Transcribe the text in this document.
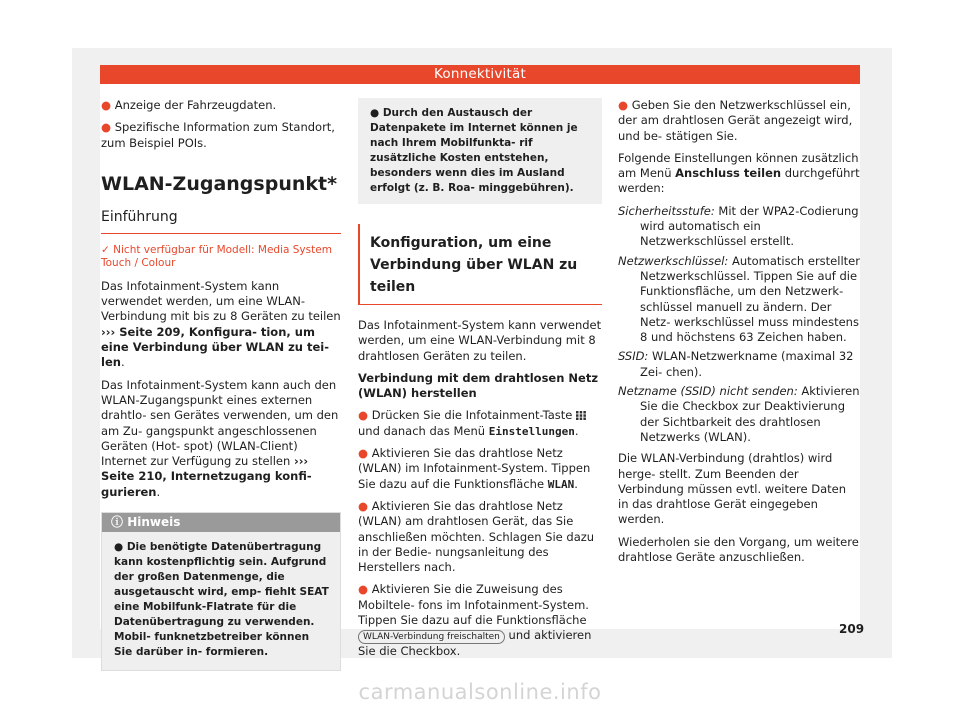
Konnektivität

● Anzeige der Fahrzeugdaten.

● Spezifische Information zum Standort, zum Beispiel POIs.

WLAN-Zugangspunkt*
Einführung
✓ Nicht verfügbar für Modell: Media System Touch / Colour

Das Infotainment-System kann verwendet werden, um eine WLAN-Verbindung mit bis zu 8 Geräten zu teilen ››› Seite 209, Konfigura- tion, um eine Verbindung über WLAN zu tei- len.

Das Infotainment-System kann auch den WLAN-Zugangspunkt eines externen drahtlo- sen Gerätes verwenden, um den am Zu- gangspunkt angeschlossenen Geräten (Hot- spot) (WLAN-Client) Internet zur Verfügung zu stellen ››› Seite 210, Internetzugang konfi- gurieren.

ⓘ Hinweis
● Die benötigte Datenübertragung kann kostenpflichtig sein. Aufgrund der großen Datenmenge, die ausgetauscht wird, emp- fiehlt SEAT eine Mobilfunk-Flatrate für die Datenübertragung zu verwenden. Mobil- funknetzbetreiber können Sie darüber in- formieren.
● Durch den Austausch der Datenpakete im Internet können je nach Ihrem Mobilfunkta- rif zusätzliche Kosten entstehen, besonders wenn dies im Ausland erfolgt (z. B. Roa- minggebühren).
Konfiguration, um eine Verbindung über WLAN zu teilen

Das Infotainment-System kann verwendet werden, um eine WLAN-Verbindung mit 8 drahtlosen Geräten zu teilen.

Verbindung mit dem drahtlosen Netz (WLAN) herstellen

● Drücken Sie die Infotainment-Taste  und danach das Menü Einstellungen.

● Aktivieren Sie das drahtlose Netz (WLAN) im Infotainment-System. Tippen Sie dazu auf die Funktionsfläche WLAN.

● Aktivieren Sie das drahtlose Netz (WLAN) am drahtlosen Gerät, das Sie anschließen möchten. Schlagen Sie dazu in der Bedie- nungsanleitung des Herstellers nach.

● Aktivieren Sie die Zuweisung des Mobiltele- fons im Infotainment-System. Tippen Sie dazu auf die Funktionsfläche WLAN-Verbindung freischalten und aktivieren Sie die Checkbox.

● Geben Sie den Netzwerkschlüssel ein, der am drahtlosen Gerät angezeigt wird, und be- stätigen Sie.

Folgende Einstellungen können zusätzlich am Menü Anschluss teilen durchgeführt werden:

Sicherheitsstufe: Mit der WPA2-Codierung wird automatisch ein Netzwerkschlüssel erstellt.
Netzwerkschlüssel: Automatisch erstellter Netzwerkschlüssel. Tippen Sie auf die Funktionsfläche, um den Netzwerk- schlüssel manuell zu ändern. Der Netz- werkschlüssel muss mindestens 8 und höchstens 63 Zeichen haben.
SSID: WLAN-Netzwerkname (maximal 32 Zei- chen).
Netzname (SSID) nicht senden: Aktivieren Sie die Checkbox zur Deaktivierung der Sichtbarkeit des drahtlosen Netzwerks (WLAN).

Die WLAN-Verbindung (drahtlos) wird herge- stellt. Zum Beenden der Verbindung müssen evtl. weitere Daten in das drahtlose Gerät eingegeben werden.

Wiederholen sie den Vorgang, um weitere drahtlose Geräte anzuschließen.

209
carmanualsonline.info
